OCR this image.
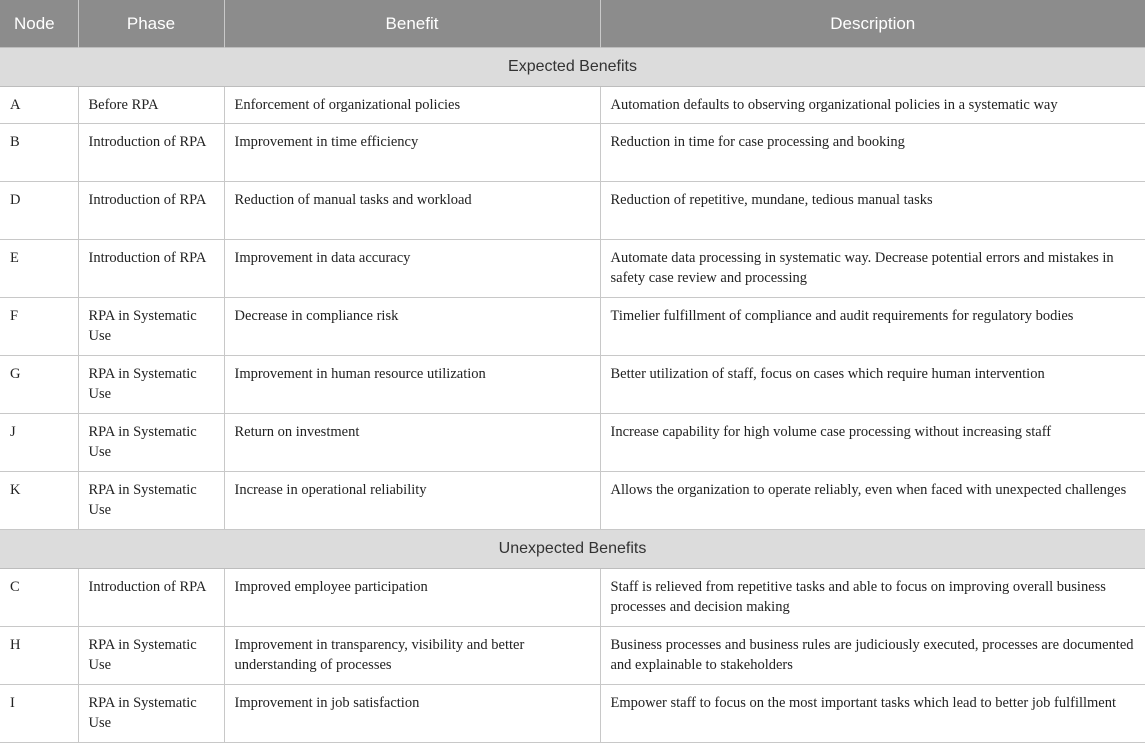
Node	Phase	Benefit	Description
Expected Benefits			
A	Before RPA	Enforcement of organizational policies	Automation defaults to observing organizational policies in a systematic way
B	Introduction of RPA	Improvement in time efficiency	Reduction in time for case processing and booking
D	Introduction of RPA	Reduction of manual tasks and workload	Reduction of repetitive, mundane, tedious manual tasks
E	Introduction of RPA	Improvement in data accuracy	Automate data processing in systematic way. Decrease potential errors and mistakes in safety case review and processing
F	RPA in Systematic Use	Decrease in compliance risk	Timelier fulfillment of compliance and audit requirements for regulatory bodies
G	RPA in Systematic Use	Improvement in human resource utilization	Better utilization of staff, focus on cases which require human intervention
J	RPA in Systematic Use	Return on investment	Increase capability for high volume case processing without increasing staff
K	RPA in Systematic Use	Increase in operational reliability	Allows the organization to operate reliably, even when faced with unexpected challenges
Unexpected Benefits			
C	Introduction of RPA	Improved employee participation	Staff is relieved from repetitive tasks and able to focus on improving overall business processes and decision making
H	RPA in Systematic Use	Improvement in transparency, visibility and better understanding of processes	Business processes and business rules are judiciously executed, processes are documented and explainable to stakeholders
I	RPA in Systematic Use	Improvement in job satisfaction	Empower staff to focus on the most important tasks which lead to better job fulfillment
